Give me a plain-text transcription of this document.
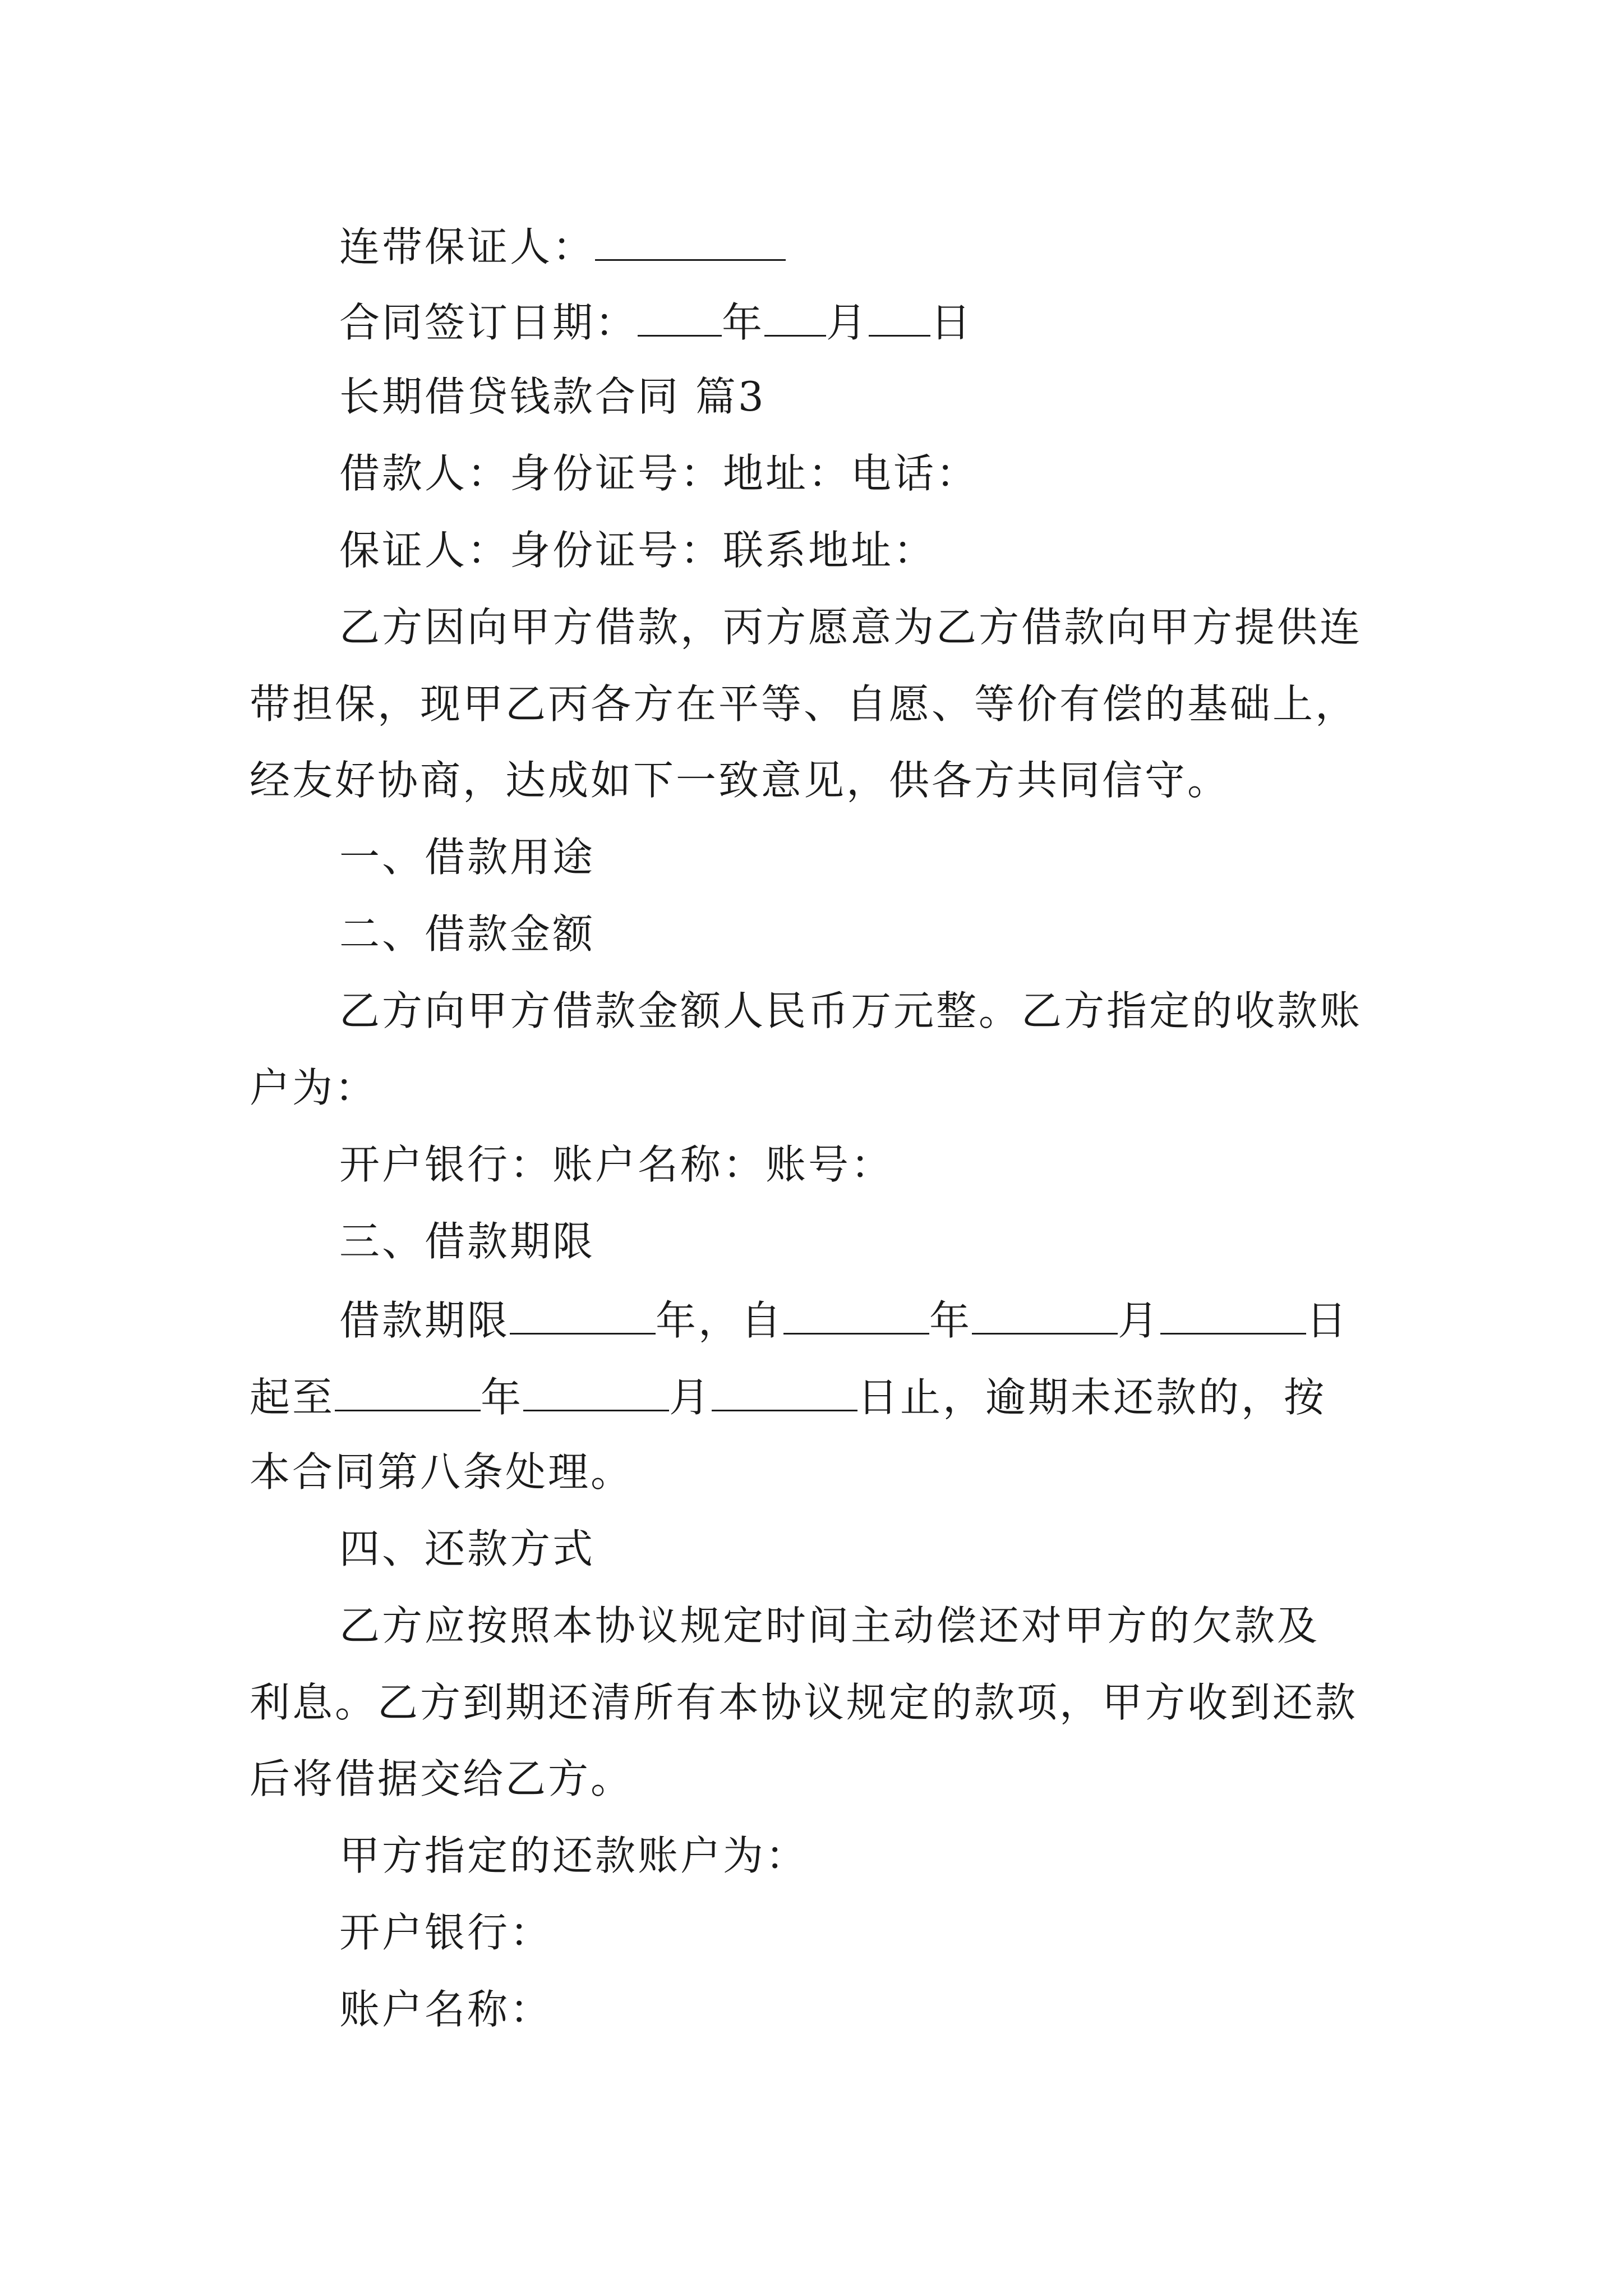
连带保证人：
合同签订日期： 年 月 日
长期借贷钱款合同 篇3
借款人：身份证号：地址：电话：
保证人：身份证号：联系地址：
乙方因向甲方借款，丙方愿意为乙方借款向甲方提供连
带担保，现甲乙丙各方在平等、自愿、等价有偿的基础上，
经友好协商，达成如下一致意见，供各方共同信守。
一、借款用途
二、借款金额
乙方向甲方借款金额人民币万元整。乙方指定的收款账
户为：
开户银行：账户名称：账号：
三、借款期限
借款期限	年，自	年	月	日
起至	年	月	日止，逾期未还款的，按
本合同第八条处理。
四、还款方式
乙方应按照本协议规定时间主动偿还对甲方的欠款及
利息。乙方到期还清所有本协议规定的款项，甲方收到还款
后将借据交给乙方。
甲方指定的还款账户为：
开户银行：
账户名称：
